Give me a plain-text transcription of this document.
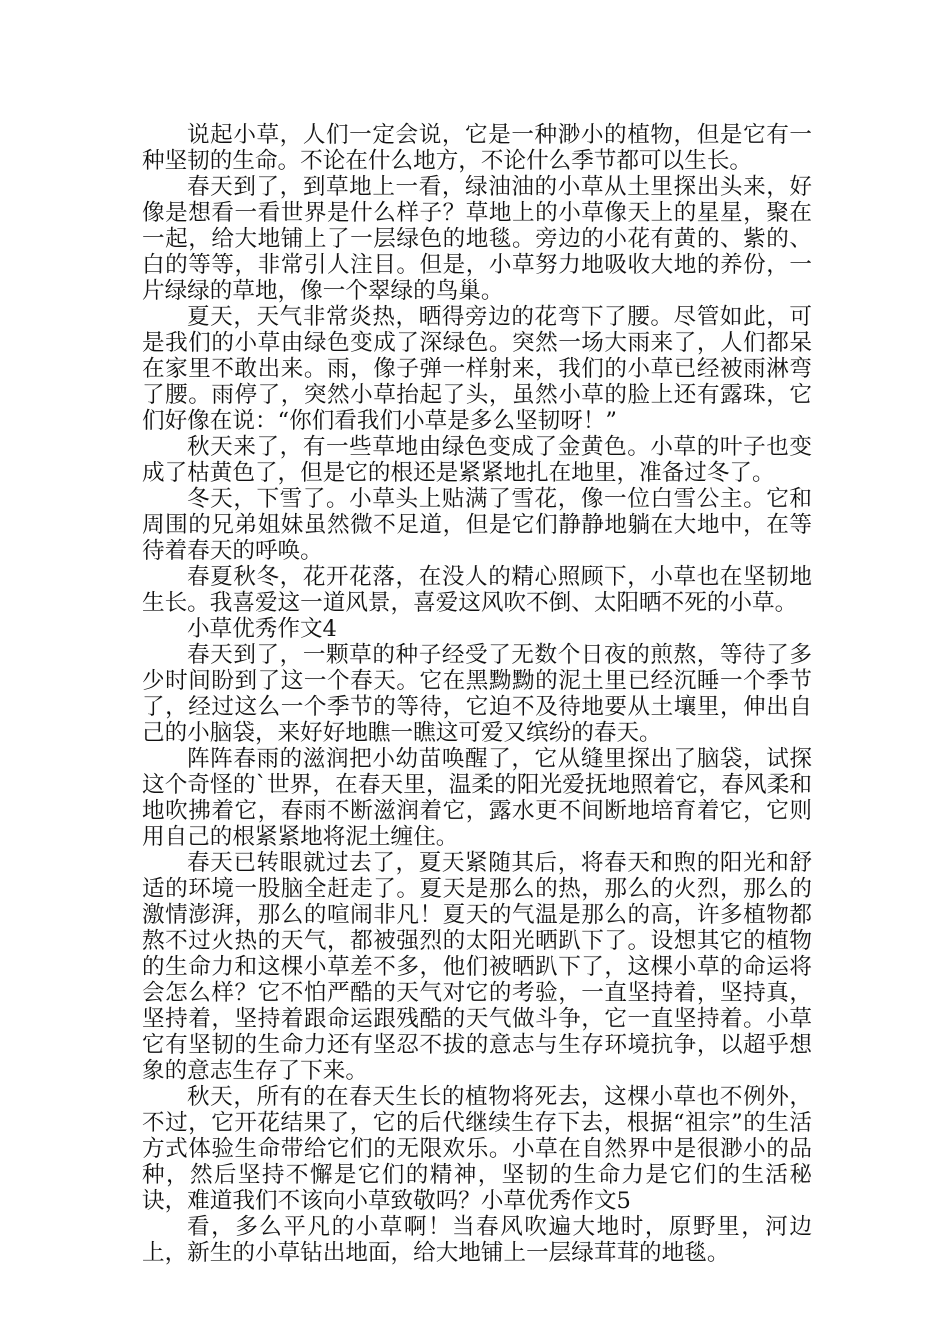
说起小草，人们一定会说，它是一种渺小的植物，但是它有一种坚韧的生命。不论在什么地方，不论什么季节都可以生长。

春天到了，到草地上一看，绿油油的小草从土里探出头来，好像是想看一看世界是什么样子？草地上的小草像天上的星星，聚在一起，给大地铺上了一层绿色的地毯。旁边的小花有黄的、紫的、白的等等，非常引人注目。但是，小草努力地吸收大地的养份，一片绿绿的草地，像一个翠绿的鸟巢。

夏天，天气非常炎热，晒得旁边的花弯下了腰。尽管如此，可是我们的小草由绿色变成了深绿色。突然一场大雨来了，人们都呆在家里不敢出来。雨，像子弹一样射来，我们的小草已经被雨淋弯了腰。雨停了，突然小草抬起了头，虽然小草的脸上还有露珠，它们好像在说：“你们看我们小草是多么坚韧呀！”

秋天来了，有一些草地由绿色变成了金黄色。小草的叶子也变成了枯黄色了，但是它的根还是紧紧地扎在地里，准备过冬了。

冬天，下雪了。小草头上贴满了雪花，像一位白雪公主。它和周围的兄弟姐妹虽然微不足道，但是它们静静地躺在大地中，在等待着春天的呼唤。

春夏秋冬，花开花落，在没人的精心照顾下，小草也在坚韧地生长。我喜爱这一道风景，喜爱这风吹不倒、太阳晒不死的小草。

小草优秀作文4

春天到了，一颗草的种子经受了无数个日夜的煎熬，等待了多少时间盼到了这一个春天。它在黑黝黝的泥土里已经沉睡一个季节了，经过这么一个季节的等待，它迫不及待地要从土壤里，伸出自己的小脑袋，来好好地瞧一瞧这可爱又缤纷的春天。

阵阵春雨的滋润把小幼苗唤醒了，它从缝里探出了脑袋，试探这个奇怪的`世界，在春天里，温柔的阳光爱抚地照着它，春风柔和地吹拂着它，春雨不断滋润着它，露水更不间断地培育着它，它则用自己的根紧紧地将泥土缠住。

春天已转眼就过去了，夏天紧随其后，将春天和煦的阳光和舒适的环境一股脑全赶走了。夏天是那么的热，那么的火烈，那么的激情澎湃，那么的喧闹非凡！夏天的气温是那么的高，许多植物都熬不过火热的天气，都被强烈的太阳光晒趴下了。设想其它的植物的生命力和这棵小草差不多，他们被晒趴下了，这棵小草的命运将会怎么样？它不怕严酷的天气对它的考验，一直坚持着，坚持真，坚持着，坚持着跟命运跟残酷的天气做斗争，它一直坚持着。小草它有坚韧的生命力还有坚忍不拔的意志与生存环境抗争，以超乎想象的意志生存了下来。

秋天，所有的在春天生长的植物将死去，这棵小草也不例外，不过，它开花结果了，它的后代继续生存下去，根据“祖宗”的生活方式体验生命带给它们的无限欢乐。小草在自然界中是很渺小的品种，然后坚持不懈是它们的精神，坚韧的生命力是它们的生活秘诀，难道我们不该向小草致敬吗？小草优秀作文5

看，多么平凡的小草啊！当春风吹遍大地时，原野里，河边上，新生的小草钻出地面，给大地铺上一层绿茸茸的地毯。
